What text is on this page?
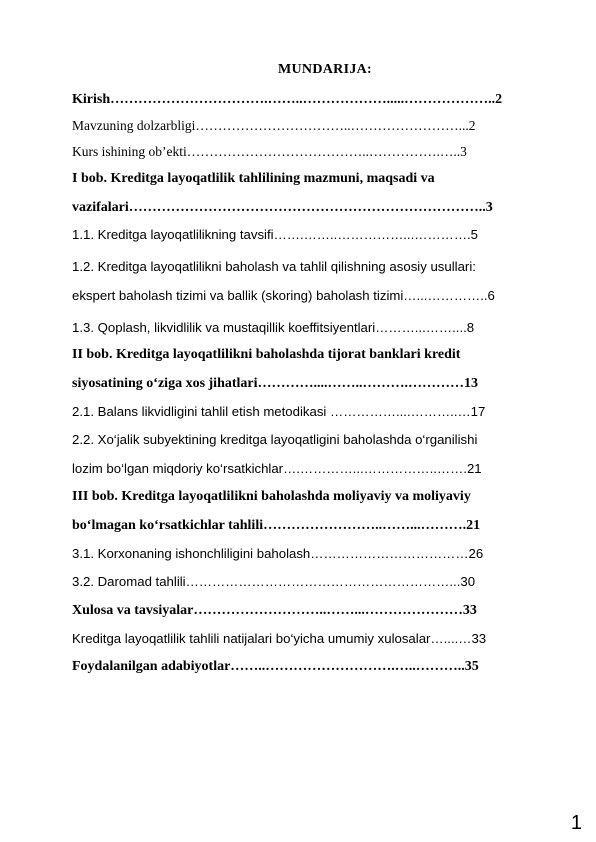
MUNDARIJA:
Kirish…………………………….……..……………….....………………..2
Mavzuning dolzarbligi……………………………..……………………...2
Kurs ishining ob’ekti…………………………………..…………….…..3
I bob. Kreditga layoqatlilik tahlilining mazmuni, maqsadi va
vazifalari…………………………………………………………………..3
1.1. Kreditga layoqatlilikning tavsifi…….……..……………...………….5
1.2. Kreditga layoqatlilikni baholash va tahlil qilishning asosiy usullari:
ekspert baholash tizimi va ballik (skoring) baholash tizimi…...…………..6
1.3. Qoplash, likvidlilik va mustaqillik koeffitsiyentlari………...……....8
II bob. Kreditga layoqatlilikni baholashda tijorat banklari kredit
siyosatining o‘ziga xos jihatlari…………....……..……….…………13
2.1. Balans likvidligini tahlil etish metodikasi ……………....………..…17
2.2. Xo‘jalik subyektining kreditga layoqatligini baholashda o‘rganilishi
lozim bo‘lgan miqdoriy ko‘rsatkichlar….…………...……………..…….21
III bob. Kreditga layoqatlilikni baholashda moliyaviy va moliyaviy
bo‘lmagan ko‘rsatkichlar tahlili……………………..……...……….21
3.1. Korxonaning ishonchliligini baholash………………………………26
3.2. Daromad tahlili……………………………………………………...30
Xulosa va tavsiyalar………………………..……...…………………33
Kreditga layoqatlilik tahlili natijalari bo‘yicha umumiy xulosalar…....…33
Foydalanilgan adabiyotlar……..……………………….…..………..35
1
